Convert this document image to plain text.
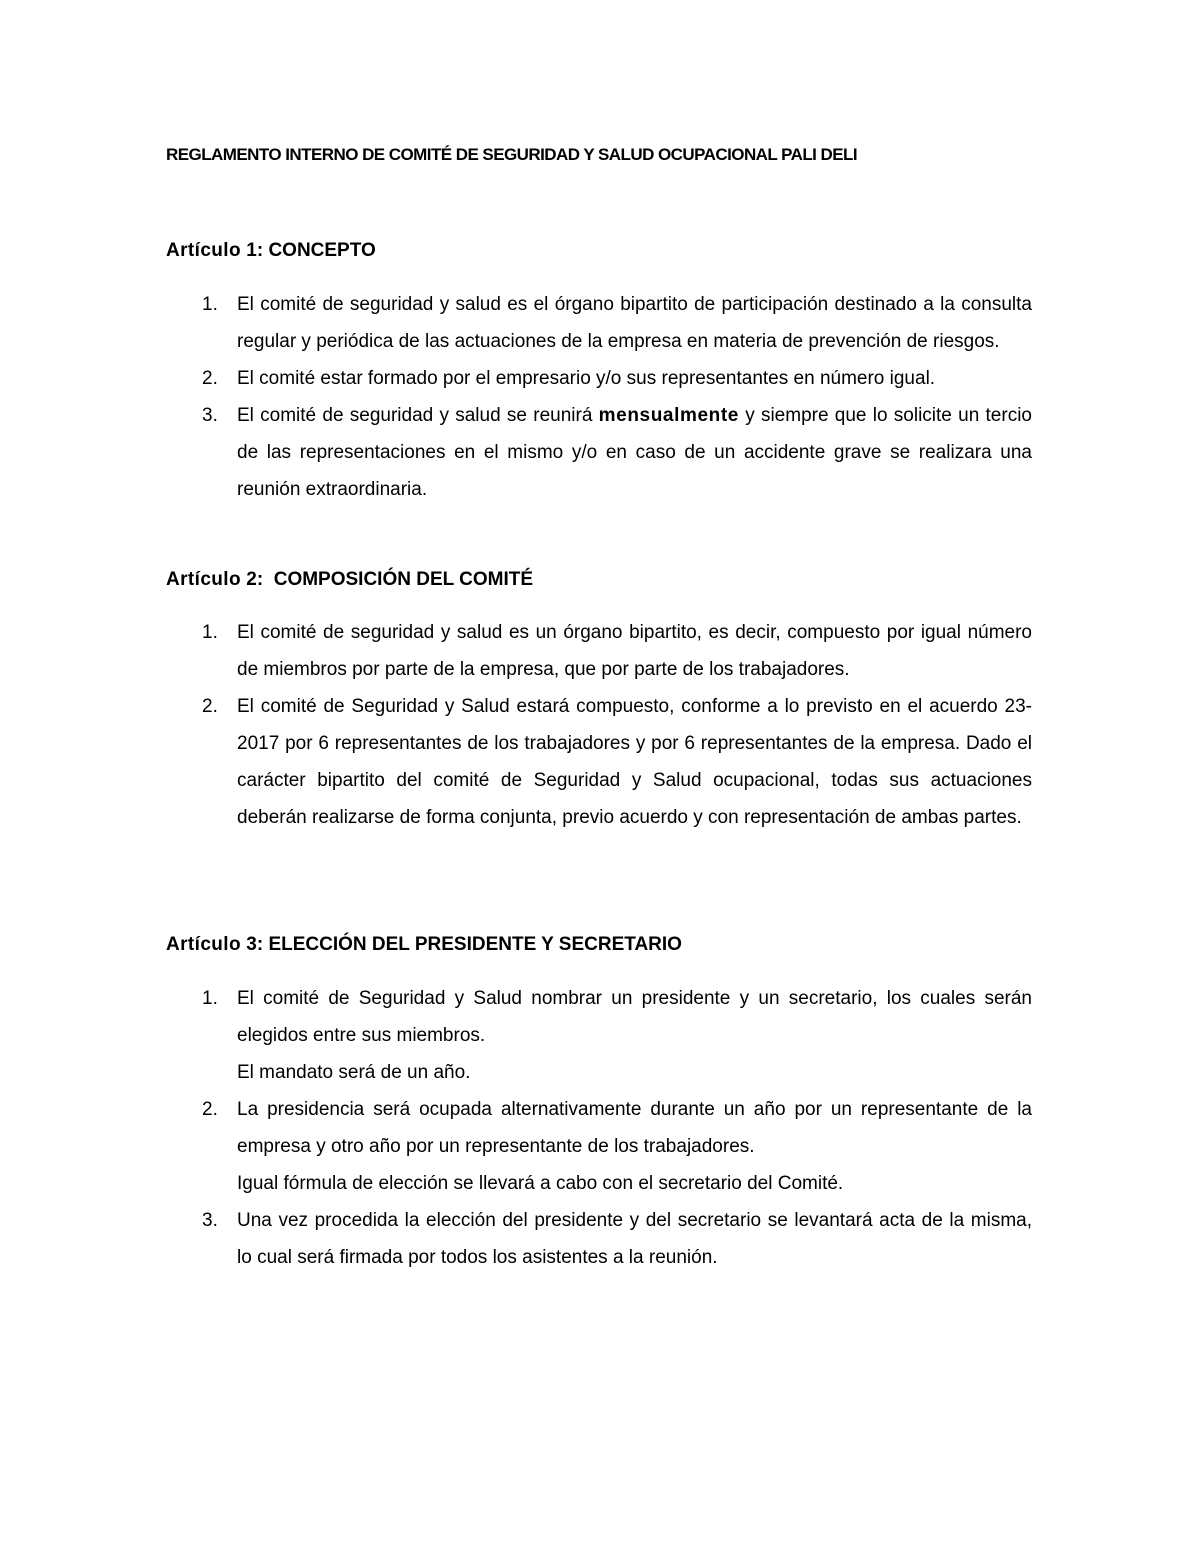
REGLAMENTO INTERNO DE COMITÉ DE SEGURIDAD Y SALUD OCUPACIONAL PALI DELI
Artículo 1: CONCEPTO
1. El comité de seguridad y salud es el órgano bipartito de participación destinado a la consulta regular y periódica de las actuaciones de la empresa en materia de prevención de riesgos.
2. El comité estar formado por el empresario y/o sus representantes en número igual.
3. El comité de seguridad y salud se reunirá mensualmente y siempre que lo solicite un tercio de las representaciones en el mismo y/o en caso de un accidente grave se realizara una reunión extraordinaria.
Artículo 2:  COMPOSICIÓN DEL COMITÉ
1. El comité de seguridad y salud es un órgano bipartito, es decir, compuesto por igual número de miembros por parte de la empresa, que por parte de los trabajadores.
2. El comité de Seguridad y Salud estará compuesto, conforme a lo previsto en el acuerdo 23-2017 por 6 representantes de los trabajadores y por 6 representantes de la empresa. Dado el carácter bipartito del comité de Seguridad y Salud ocupacional, todas sus actuaciones deberán realizarse de forma conjunta, previo acuerdo y con representación de ambas partes.
Artículo 3: ELECCIÓN DEL PRESIDENTE Y SECRETARIO
1. El comité de Seguridad y Salud nombrar un presidente y un secretario, los cuales serán elegidos entre sus miembros.
El mandato será de un año.
2. La presidencia será ocupada alternativamente durante un año por un representante de la empresa y otro año por un representante de los trabajadores.
Igual fórmula de elección se llevará a cabo con el secretario del Comité.
3. Una vez procedida la elección del presidente y del secretario se levantará acta de la misma, lo cual será firmada por todos los asistentes a la reunión.
